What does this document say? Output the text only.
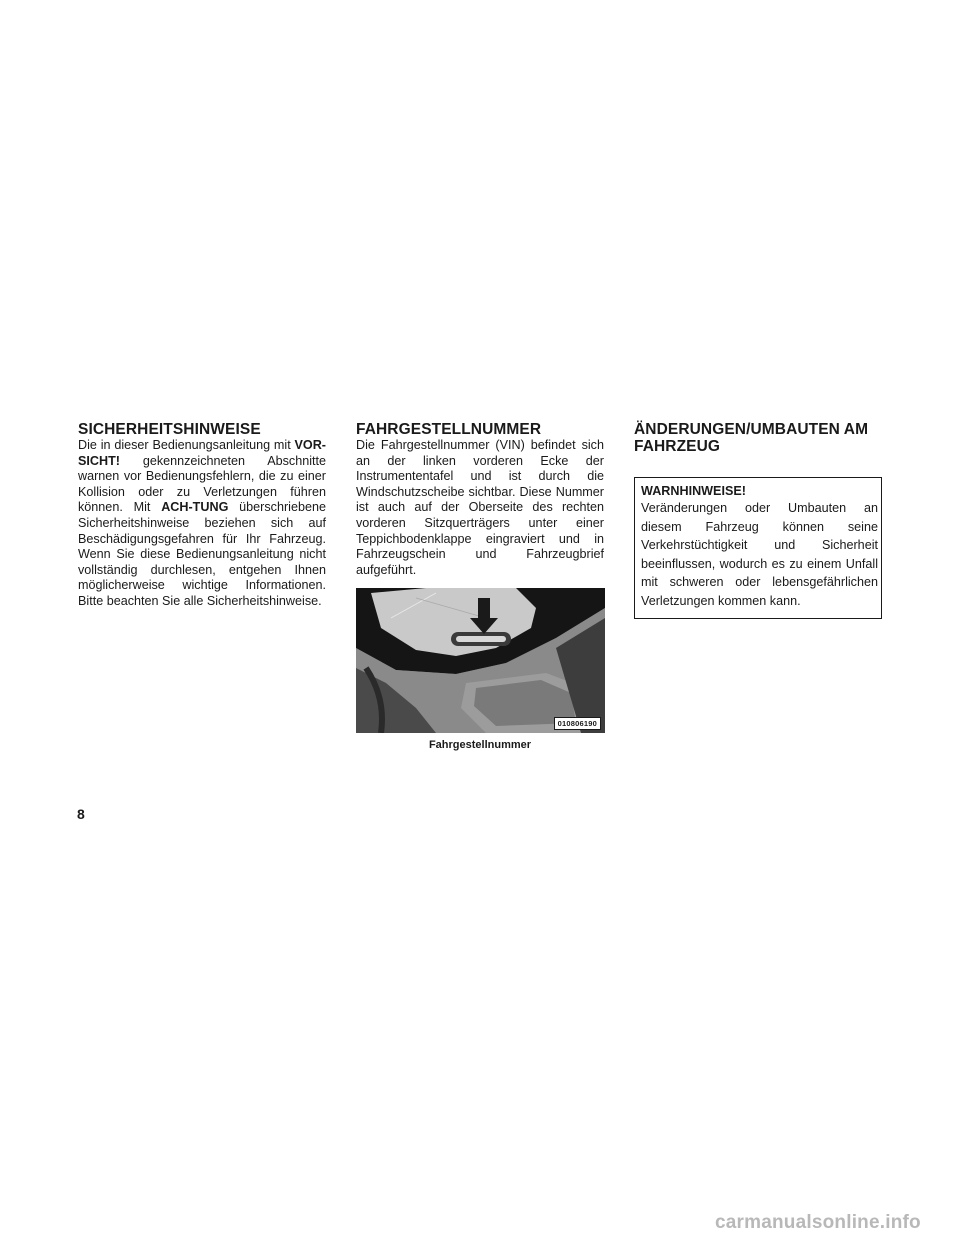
SICHERHEITSHINWEISE

Die in dieser Bedienungsanleitung mit VOR-SICHT! gekennzeichneten Abschnitte warnen vor Bedienungsfehlern, die zu einer Kollision oder zu Verletzungen führen können. Mit ACH-TUNG überschriebene Sicherheitshinweise beziehen sich auf Beschädigungsgefahren für Ihr Fahrzeug. Wenn Sie diese Bedienungsanleitung nicht vollständig durchlesen, entgehen Ihnen möglicherweise wichtige Informationen. Bitte beachten Sie alle Sicherheitshinweise.

FAHRGESTELLNUMMER

Die Fahrgestellnummer (VIN) befindet sich an der linken vorderen Ecke der Instrumententafel und ist durch die Windschutzscheibe sichtbar. Diese Nummer ist auch auf der Oberseite des rechten vorderen Sitzquerträgers unter einer Teppichbodenklappe eingraviert und in Fahrzeugschein und Fahrzeugbrief aufgeführt.

010806190
Fahrgestellnummer
ÄNDERUNGEN/UMBAUTEN AM
FAHRZEUG
WARNHINWEISE!
Veränderungen oder Umbauten an diesem Fahrzeug können seine Verkehrstüchtigkeit und Sicherheit beeinflussen, wodurch es zu einem Unfall mit schweren oder lebensgefährlichen Verletzungen kommen kann.
8
carmanualsonline.info
